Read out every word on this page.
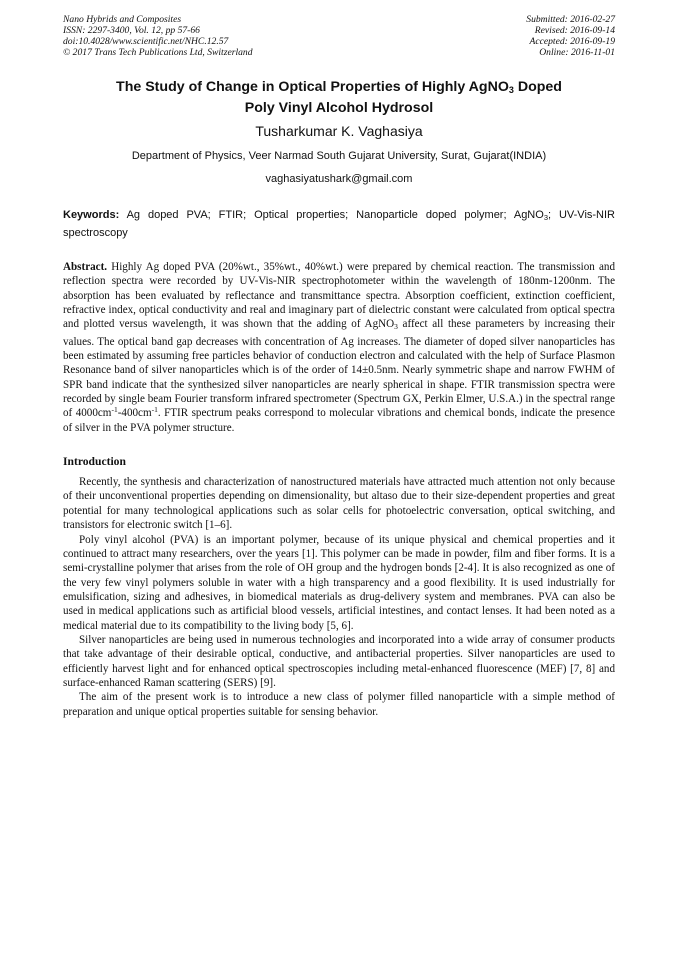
Nano Hybrids and Composites
ISSN: 2297-3400, Vol. 12, pp 57-66
doi:10.4028/www.scientific.net/NHC.12.57
© 2017 Trans Tech Publications Ltd, Switzerland
Submitted: 2016-02-27
Revised: 2016-09-14
Accepted: 2016-09-19
Online: 2016-11-01
The Study of Change in Optical Properties of Highly AgNO$_3$ Doped
Poly Vinyl Alcohol Hydrosol
Tusharkumar K. Vaghasiya
Department of Physics, Veer Narmad South Gujarat University, Surat, Gujarat(INDIA)
vaghasiyatushark@gmail.com
Keywords: Ag doped PVA; FTIR; Optical properties; Nanoparticle doped polymer; AgNO$_3$; UV-Vis-NIR spectroscopy
Abstract. Highly Ag doped PVA (20%wt., 35%wt., 40%wt.) were prepared by chemical reaction. The transmission and reflection spectra were recorded by UV-Vis-NIR spectrophotometer within the wavelength of 180nm-1200nm. The absorption has been evaluated by reflectance and transmittance spectra. Absorption coefficient, extinction coefficient, refractive index, optical conductivity and real and imaginary part of dielectric constant were calculated from optical spectra and plotted versus wavelength, it was shown that the adding of AgNO$_3$ affect all these parameters by increasing their values. The optical band gap decreases with concentration of Ag increases. The diameter of doped silver nanoparticles has been estimated by assuming free particles behavior of conduction electron and calculated with the help of Surface Plasmon Resonance band of silver nanoparticles which is of the order of 14±0.5nm. Nearly symmetric shape and narrow FWHM of SPR band indicate that the synthesized silver nanoparticles are nearly spherical in shape. FTIR transmission spectra were recorded by single beam Fourier transform infrared spectrometer (Spectrum GX, Perkin Elmer, U.S.A.) in the spectral range of $4000cm^{-1}-400cm^{-1}$. FTIR spectrum peaks correspond to molecular vibrations and chemical bonds, indicate the presence of silver in the PVA polymer structure.
Introduction

Recently, the synthesis and characterization of nanostructured materials have attracted much attention not only because of their unconventional properties depending on dimensionality, but altaso due to their size-dependent properties and great potential for many technological applications such as solar cells for photoelectric conversation, optical switching, and transistors for electronic switch [1–6].

Poly vinyl alcohol (PVA) is an important polymer, because of its unique physical and chemical properties and it continued to attract many researchers, over the years [1]. This polymer can be made in powder, film and fiber forms. It is a semi-crystalline polymer that arises from the role of OH group and the hydrogen bonds [2-4]. It is also recognized as one of the very few vinyl polymers soluble in water with a high transparency and a good flexibility. It is used industrially for emulsification, sizing and adhesives, in biomedical materials as drug-delivery system and membranes. PVA can also be used in medical applications such as artificial blood vessels, artificial intestines, and contact lenses. It had been noted as a medical material due to its compatibility to the living body [5, 6].

Silver nanoparticles are being used in numerous technologies and incorporated into a wide array of consumer products that take advantage of their desirable optical, conductive, and antibacterial properties. Silver nanoparticles are used to efficiently harvest light and for enhanced optical spectroscopies including metal-enhanced fluorescence (MEF) [7, 8] and surface-enhanced Raman scattering (SERS) [9].

The aim of the present work is to introduce a new class of polymer filled nanoparticle with a simple method of preparation and unique optical properties suitable for sensing behavior.
